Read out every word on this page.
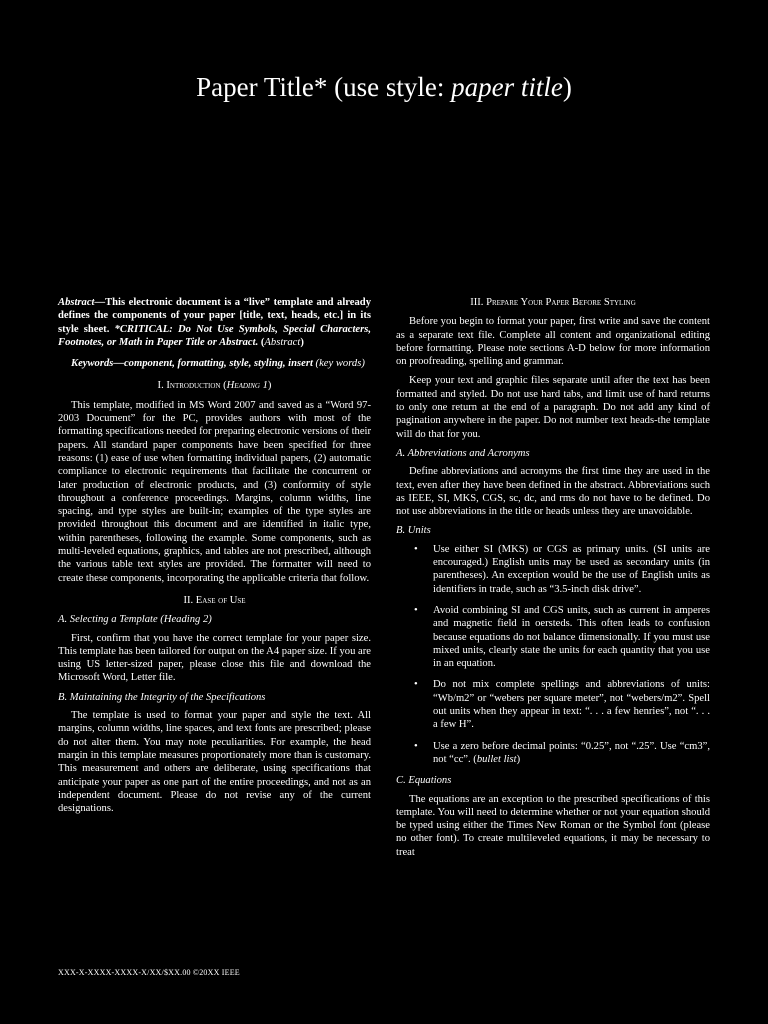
Paper Title* (use style: paper title)

Abstract—This electronic document is a “live” template and already defines the components of your paper [title, text, heads, etc.] in its style sheet. *CRITICAL: Do Not Use Symbols, Special Characters, Footnotes, or Math in Paper Title or Abstract. (Abstract)

Keywords—component, formatting, style, styling, insert (key words)

I. Introduction (Heading 1)

This template, modified in MS Word 2007 and saved as a “Word 97-2003 Document” for the PC, provides authors with most of the formatting specifications needed for preparing electronic versions of their papers. All standard paper components have been specified for three reasons: (1) ease of use when formatting individual papers, (2) automatic compliance to electronic requirements that facilitate the concurrent or later production of electronic products, and (3) conformity of style throughout a conference proceedings. Margins, column widths, line spacing, and type styles are built-in; examples of the type styles are provided throughout this document and are identified in italic type, within parentheses, following the example. Some components, such as multi-leveled equations, graphics, and tables are not prescribed, although the various table text styles are provided. The formatter will need to create these components, incorporating the applicable criteria that follow.

II. Ease of Use

A. Selecting a Template (Heading 2)

First, confirm that you have the correct template for your paper size. This template has been tailored for output on the A4 paper size. If you are using US letter-sized paper, please close this file and download the Microsoft Word, Letter file.

B. Maintaining the Integrity of the Specifications

The template is used to format your paper and style the text. All margins, column widths, line spaces, and text fonts are prescribed; please do not alter them. You may note peculiarities. For example, the head margin in this template measures proportionately more than is customary. This measurement and others are deliberate, using specifications that anticipate your paper as one part of the entire proceedings, and not as an independent document. Please do not revise any of the current designations.

III. Prepare Your Paper Before Styling

Before you begin to format your paper, first write and save the content as a separate text file. Complete all content and organizational editing before formatting. Please note sections A-D below for more information on proofreading, spelling and grammar.

Keep your text and graphic files separate until after the text has been formatted and styled. Do not use hard tabs, and limit use of hard returns to only one return at the end of a paragraph. Do not add any kind of pagination anywhere in the paper. Do not number text heads-the template will do that for you.

A. Abbreviations and Acronyms

Define abbreviations and acronyms the first time they are used in the text, even after they have been defined in the abstract. Abbreviations such as IEEE, SI, MKS, CGS, sc, dc, and rms do not have to be defined. Do not use abbreviations in the title or heads unless they are unavoidable.

B. Units

• Use either SI (MKS) or CGS as primary units. (SI units are encouraged.) English units may be used as secondary units (in parentheses). An exception would be the use of English units as identifiers in trade, such as “3.5-inch disk drive”.
• Avoid combining SI and CGS units, such as current in amperes and magnetic field in oersteds. This often leads to confusion because equations do not balance dimensionally. If you must use mixed units, clearly state the units for each quantity that you use in an equation.
• Do not mix complete spellings and abbreviations of units: “Wb/m2” or “webers per square meter”, not “webers/m2”. Spell out units when they appear in text: “. . . a few henries”, not “. . . a few H”.
• Use a zero before decimal points: “0.25”, not “.25”. Use “cm3”, not “cc”. (bullet list)

C. Equations

The equations are an exception to the prescribed specifications of this template. You will need to determine whether or not your equation should be typed using either the Times New Roman or the Symbol font (please no other font). To create multileveled equations, it may be necessary to treat

XXX-X-XXXX-XXXX-X/XX/$XX.00 ©20XX IEEE
